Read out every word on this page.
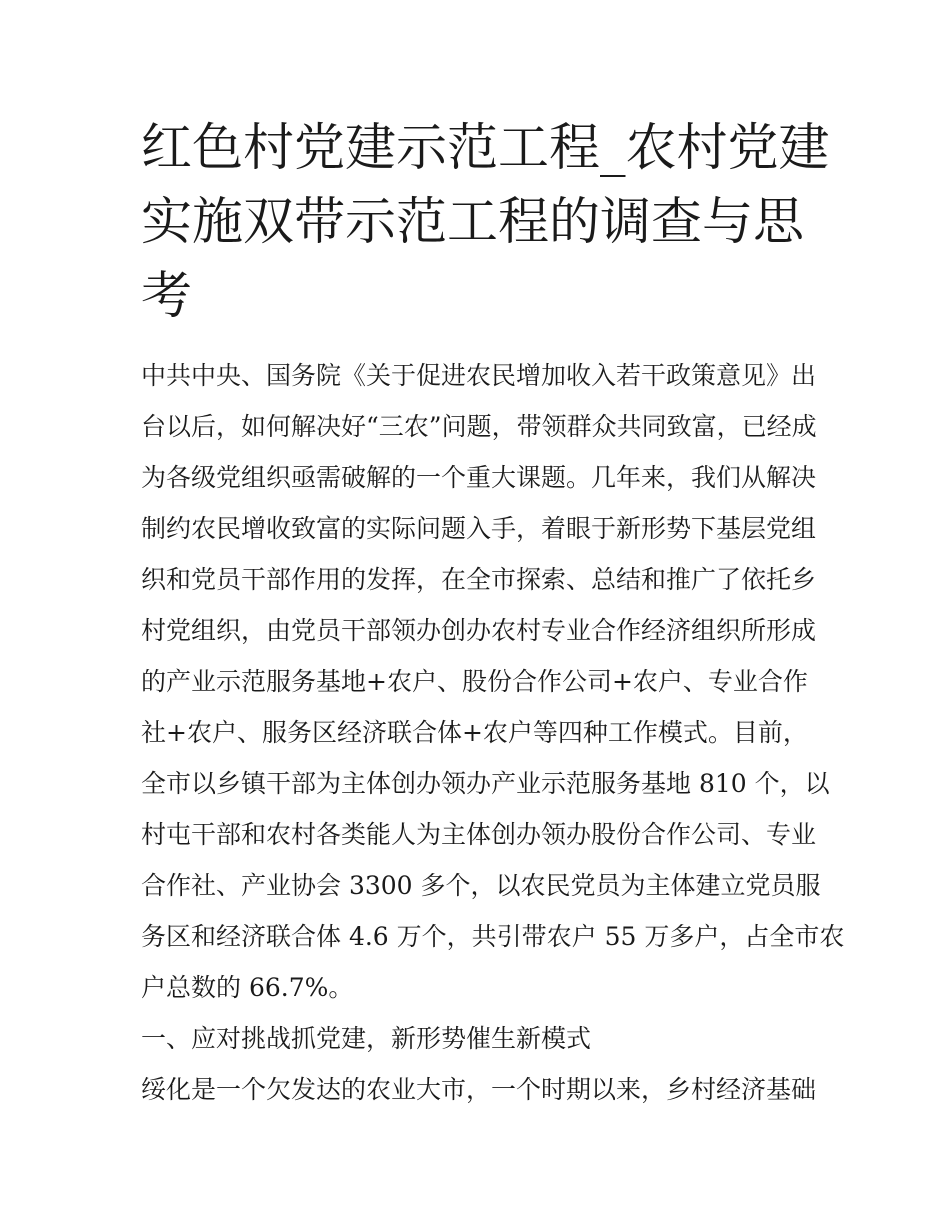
红色村党建示范工程_农村党建
实施双带示范工程的调查与思
考
中共中央、国务院《关于促进农民增加收入若干政策意见》出
台以后，如何解决好“三农”问题，带领群众共同致富，已经成
为各级党组织亟需破解的一个重大课题。几年来，我们从解决
制约农民增收致富的实际问题入手，着眼于新形势下基层党组
织和党员干部作用的发挥，在全市探索、总结和推广了依托乡
村党组织，由党员干部领办创办农村专业合作经济组织所形成
的产业示范服务基地+农户、股份合作公司+农户、专业合作
社+农户、服务区经济联合体+农户等四种工作模式。目前，
全市以乡镇干部为主体创办领办产业示范服务基地 810 个，以
村屯干部和农村各类能人为主体创办领办股份合作公司、专业
合作社、产业协会 3300 多个，以农民党员为主体建立党员服
务区和经济联合体 4.6 万个，共引带农户 55 万多户，占全市农
户总数的 66.7%。
一、应对挑战抓党建，新形势催生新模式
绥化是一个欠发达的农业大市，一个时期以来，乡村经济基础
